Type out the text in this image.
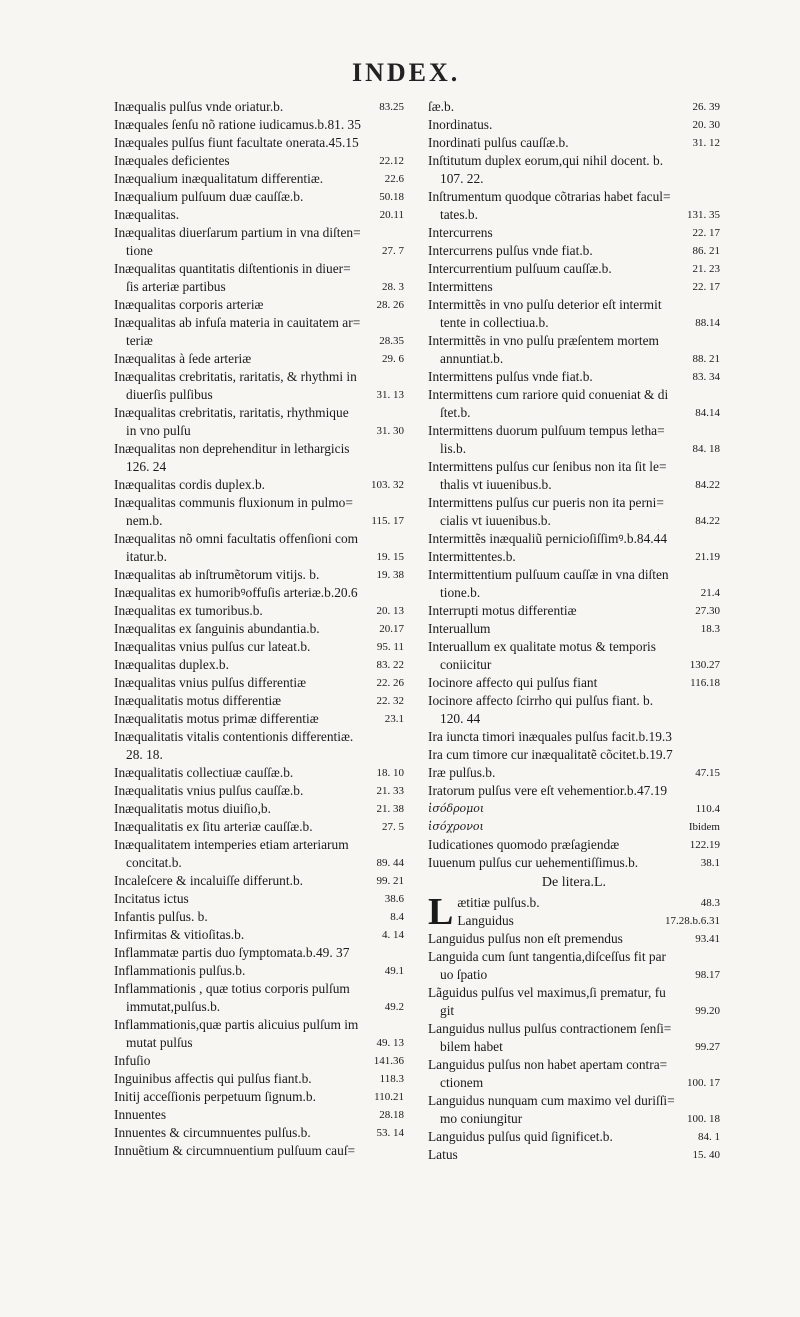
INDEX.
Inæqualis pulſus vnde oriatur.b.	83.25
Inæquales ſenſu nõ ratione iudicamus.b.81. 35
Inæquales pulſus fiunt facultate onerata.45.15
Inæquales deficientes	22.12
Inæqualium inæqualitatum differentiæ.	22.6
Inæqualium pulſuum duæ cauſſæ.b.	50.18
Inæqualitas.	20.11
Inæqualitas diuerſarum partium in vna diſten=
tione	27. 7
Inæqualitas quantitatis diſtentionis in diuer=
ſis arteriæ partibus	28. 3
Inæqualitas corporis arteriæ	28. 26
Inæqualitas ab infuſa materia in cauitatem ar=
teriæ	28.35
Inæqualitas à ſede arteriæ	29. 6
Inæqualitas crebritatis, raritatis, & rhythmi in
diuerſis pulſibus	31. 13
Inæqualitas crebritatis, raritatis, rhythmique
in vno pulſu	31. 30
Inæqualitas non deprehenditur in lethargicis
126. 24
Inæqualitas cordis duplex.b.	103. 32
Inæqualitas communis fluxionum in pulmo=
nem.b.	115. 17
Inæqualitas nõ omni facultatis offenſioni com
itatur.b.	19. 15
Inæqualitas ab inſtrumẽtorum vitijs. b.	19. 38
Inæqualitas ex humoribꝰoffuſis arteriæ.b.20.6
Inæqualitas ex tumoribus.b.	20. 13
Inæqualitas ex ſanguinis abundantia.b.	20.17
Inæqualitas vnius pulſus cur lateat.b.	95. 11
Inæqualitas duplex.b.	83. 22
Inæqualitas vnius pulſus differentiæ	22. 26
Inæqualitatis motus differentiæ	22. 32
Inæqualitatis motus primæ differentiæ	23.1
Inæqualitatis vitalis contentionis differentiæ.
28. 18.
Inæqualitatis collectiuæ cauſſæ.b.	18. 10
Inæqualitatis vnius pulſus cauſſæ.b.	21. 33
Inæqualitatis motus diuiſio,b.	21. 38
Inæqualitatis ex ſitu arteriæ cauſſæ.b.	27. 5
Inæqualitatem intemperies etiam arteriarum
concitat.b.	89. 44
Incaleſcere & incaluiſſe differunt.b.	99. 21
Incitatus ictus	38.6
Infantis pulſus. b.	8.4
Infirmitas & vitioſitas.b.	4. 14
Inflammatæ partis duo ſymptomata.b.49. 37
Inflammationis pulſus.b.	49.1
Inflammationis , quæ totius corporis pulſum
immutat,pulſus.b.	49.2
Inflammationis,quæ partis alicuius pulſum im
mutat pulſus	49. 13
Infuſio	141.36
Inguinibus affectis qui pulſus fiant.b.	118.3
Initij acceſſionis perpetuum ſignum.b.	110.21
Innuentes	28.18
Innuentes & circumnuentes pulſus.b.	53. 14
Innuẽtium & circumnuentium pulſuum cauſ=
ſæ.b.	26. 39
Inordinatus.	20. 30
Inordinati pulſus cauſſæ.b.	31. 12
Inſtitutum duplex eorum,qui nihil docent. b.
107. 22.
Inſtrumentum quodque cõtrarias habet facul=
tates.b.	131. 35
Intercurrens	22. 17
Intercurrens pulſus vnde fiat.b.	86. 21
Intercurrentium pulſuum cauſſæ.b.	21. 23
Intermittens	22. 17
Intermittẽs in vno pulſu deterior eſt intermit
tente in collectiua.b.	88.14
Intermittẽs in vno pulſu præſentem mortem
annuntiat.b.	88. 21
Intermittens pulſus vnde fiat.b.	83. 34
Intermittens cum rariore quid conueniat & di
ſtet.b.	84.14
Intermittens duorum pulſuum tempus letha=
lis.b.	84. 18
Intermittens pulſus cur ſenibus non ita ſit le=
thalis vt iuuenibus.b.	84.22
Intermittens pulſus cur pueris non ita perni=
cialis vt iuuenibus.b.	84.22
Intermittẽs inæqualiũ pernicioſiſſimꝰ.b.84.44
Intermittentes.b.	21.19
Intermittentium pulſuum cauſſæ in vna diſten
tione.b.	21.4
Interrupti motus differentiæ	27.30
Interuallum	18.3
Interuallum ex qualitate motus & temporis
coniicitur	130.27
Iocinore affecto qui pulſus fiant	116.18
Iocinore affecto ſcirrho qui pulſus fiant. b.
120. 44
Ira iuncta timori inæquales pulſus facit.b.19.3
Ira cum timore cur inæqualitatẽ cõcitet.b.19.7
Iræ pulſus.b.	47.15
Iratorum pulſus vere eſt vehementior.b.47.19
ἰσόδρομοι	110.4
ἰσόχρονοι	Ibidem
Iudicationes quomodo præſagiendæ	122.19
Iuuenum pulſus cur uehementiſſimus.b.	38.1
De litera.L.
L ætitiæ pulſus.b.	48.3
Languidus	17.28.b.6.31
Languidus pulſus non eſt premendus	93.41
Languida cum ſunt tangentia,diſceſſus fit par
uo ſpatio	98.17
Lãguidus pulſus vel maximus,ſi prematur, fu
git	99.20
Languidus nullus pulſus contractionem ſenſi=
bilem habet	99.27
Languidus pulſus non habet apertam contra=
ctionem	100. 17
Languidus nunquam cum maximo vel duriſſi=
mo coniungitur	100. 18
Languidus pulſus quid ſignificet.b.	84. 1
Latus	15. 40
